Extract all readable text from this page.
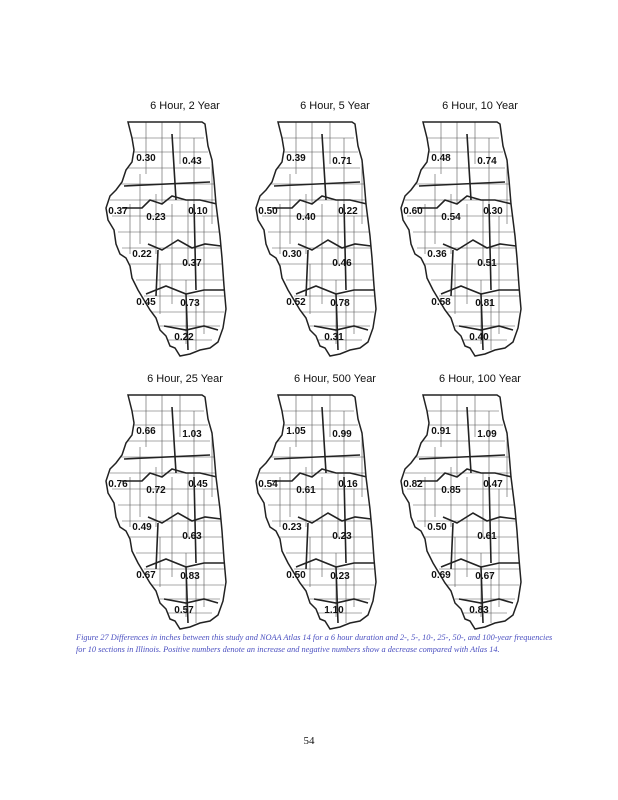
6 Hour, 2 Year
0.30	0.43
0.37
0.23
0.10
0.22
0.37
0.45 0.73
0.22
6 Hour, 5 Year
0.39	0.71
0.50
0.40
0.22
0.30
0.46
0.52 0.78
0.31
6 Hour, 10 Year
0.48	0.74
0.60
0.54
0.30
0.36
0.51
0.58 0.81
0.40
6 Hour, 25 Year
0.66	1.03
0.76
0.72
0.45
0.49
0.63
0.67 0.83
0.57
6 Hour, 500 Year
1.05	0.99
0.54
0.61
0.16
0.23
0.23
0.50 0.23
1.10
6 Hour, 100 Year
0.91	1.09
0.82
0.85
0.47
0.50
0.61
0.69 0.67
0.83
Figure 27 Differences in inches between this study and NOAA Atlas 14 for a 6 hour duration and 2-, 5-, 10-, 25-, 50-, and 100-year frequencies for 10 sections in Illinois. Positive numbers denote an increase and negative numbers show a decrease compared with Atlas 14.
54
